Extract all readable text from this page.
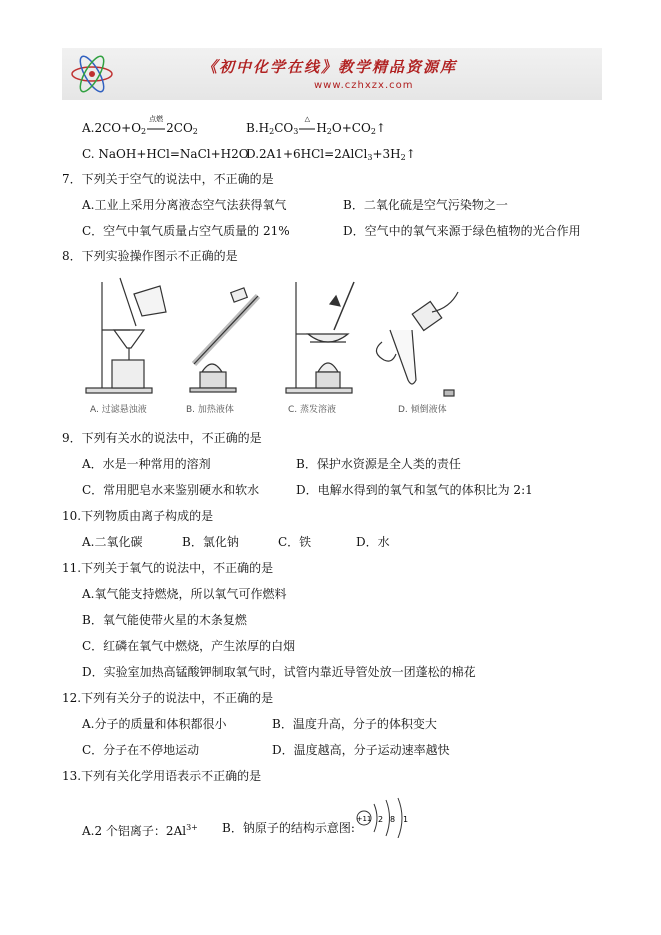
《初中化学在线》教学精品资源库
www.czhxzx.com
$A.2CO+O_2$
点燃
$2CO_2$	$B.H_2CO_3$
△
$H_2O+CO_2↑$
C. NaOH+HCl=NaCl+H2O
$D.2A1+6HCl=2AlCl_3+3H_2↑$
7．下列关于空气的说法中，不正确的是
A.工业上采用分离液态空气法获得氧气	B．二氧化硫是空气污染物之一
C．空气中氧气质量占空气质量的 21%	D．空气中的氧气来源于绿色植物的光合作用
8．下列实验操作图示不正确的是
A. 过滤悬浊液	B. 加热液体	C. 蒸发溶液	D. 倾倒液体
9．下列有关水的说法中，不正确的是
A．水是一种常用的溶剂	B．保护水资源是全人类的责任
C．常用肥皂水来鉴别硬水和软水	D．电解水得到的氧气和氢气的体积比为 2:1
10.下列物质由离子构成的是
A.二氧化碳	B．氯化钠	C．铁	D．水
11.下列关于氧气的说法中，不正确的是
A.氧气能支持燃烧，所以氧气可作燃料
B．氧气能使带火星的木条复燃
C．红磷在氧气中燃烧，产生浓厚的白烟
D．实验室加热高锰酸钾制取氧气时，试管内靠近导管处放一团蓬松的棉花
12.下列有关分子的说法中，不正确的是
A.分子的质量和体积都很小	B．温度升高，分子的体积变大
C．分子在不停地运动	D．温度越高，分子运动速率越快
13.下列有关化学用语表示不正确的是
A.2 个铝离子：$2Al^{3+}$ B．钠原子的结构示意图:
+11 2 8 1
